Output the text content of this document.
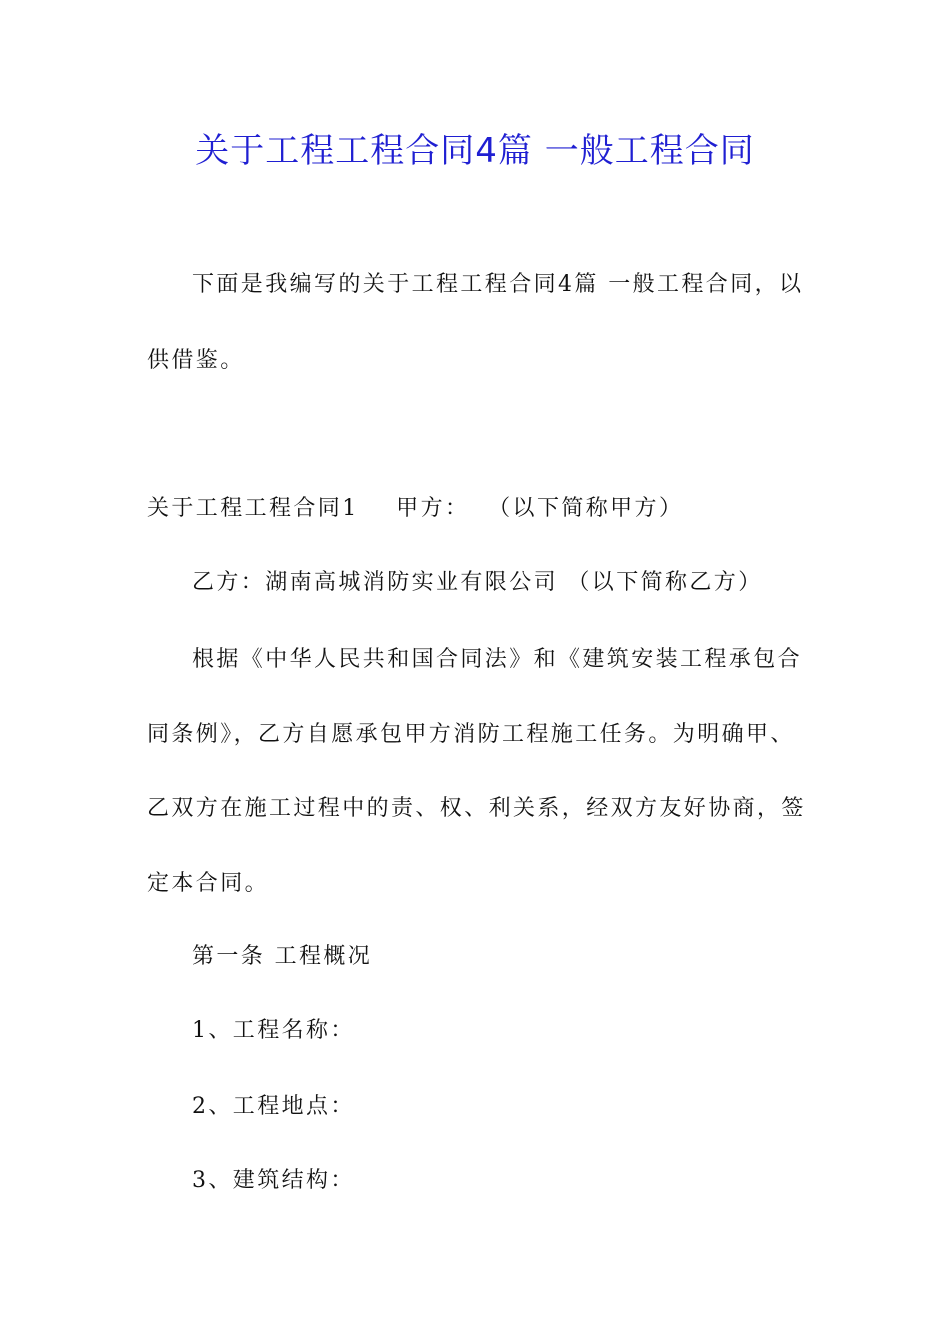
关于工程工程合同4篇 一般工程合同
下面是我编写的关于工程工程合同4篇 一般工程合同，以
供借鉴。
关于工程工程合同1    甲方：  （以下简称甲方）
乙方：湖南高城消防实业有限公司 （以下简称乙方）
根据《中华人民共和国合同法》和《建筑安装工程承包合
同条例》，乙方自愿承包甲方消防工程施工任务。为明确甲、
乙双方在施工过程中的责、权、利关系，经双方友好协商，签
定本合同。
第一条 工程概况
1、工程名称：
2、工程地点：
3、建筑结构：
